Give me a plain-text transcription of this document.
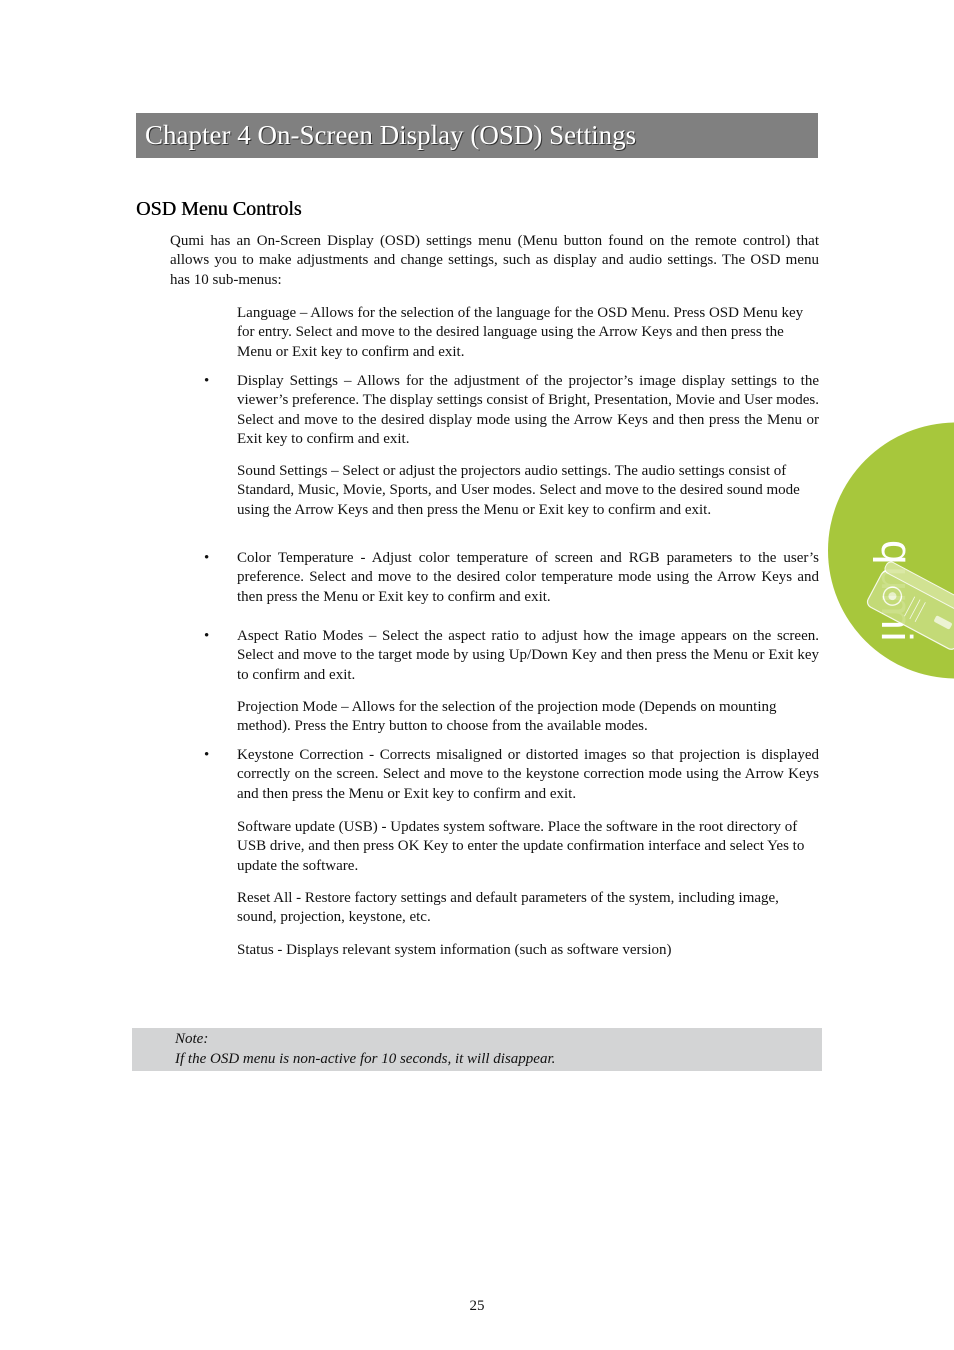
Chapter 4 On-Screen Display (OSD) Settings
OSD Menu Controls

Qumi has an On-Screen Display (OSD) settings menu (Menu button found on the remote control) that allows you to make adjustments and change settings, such as display and audio settings. The OSD menu has 10 sub-menus:

Language – Allows for the selection of the language for the OSD Menu. Press OSD Menu key for entry. Select and move to the desired language using the Arrow Keys and then press the Menu or Exit key to confirm and exit.

• Display Settings – Allows for the adjustment of the projector’s image display settings to the viewer’s preference. The display settings consist of Bright, Presentation, Movie and User modes. Select and move to the desired display mode using the Arrow Keys and then press the Menu or Exit key to confirm and exit.

Sound Settings – Select or adjust the projectors audio settings. The audio settings consist of Standard, Music, Movie, Sports, and User modes. Select and move to the desired sound mode using the Arrow Keys and then press the Menu or Exit key to confirm and exit.

• Color Temperature - Adjust color temperature of screen and RGB parameters to the user’s preference. Select and move to the desired color temperature mode using the Arrow Keys and then press the Menu or Exit key to confirm and exit.

• Aspect Ratio Modes – Select the aspect ratio to adjust how the image appears on the screen. Select and move to the target mode by using Up/Down Key and then press the Menu or Exit key to confirm and exit.

Projection Mode – Allows for the selection of the projection mode (Depends on mounting method). Press the Entry button to choose from the available modes.

• Keystone Correction - Corrects misaligned or distorted images so that projection is displayed correctly on the screen. Select and move to the keystone correction mode using the Arrow Keys and then press the Menu or Exit key to confirm and exit.

Software update (USB) - Updates system software. Place the software in the root directory of USB drive, and then press OK Key to enter the update confirmation interface and select Yes to update the software.

Reset All - Restore factory settings and default parameters of the system, including image, sound, projection, keystone, etc.

Status - Displays relevant system information (such as software version)

Note:

If the OSD menu is non-active for 10 seconds, it will disappear.

25
